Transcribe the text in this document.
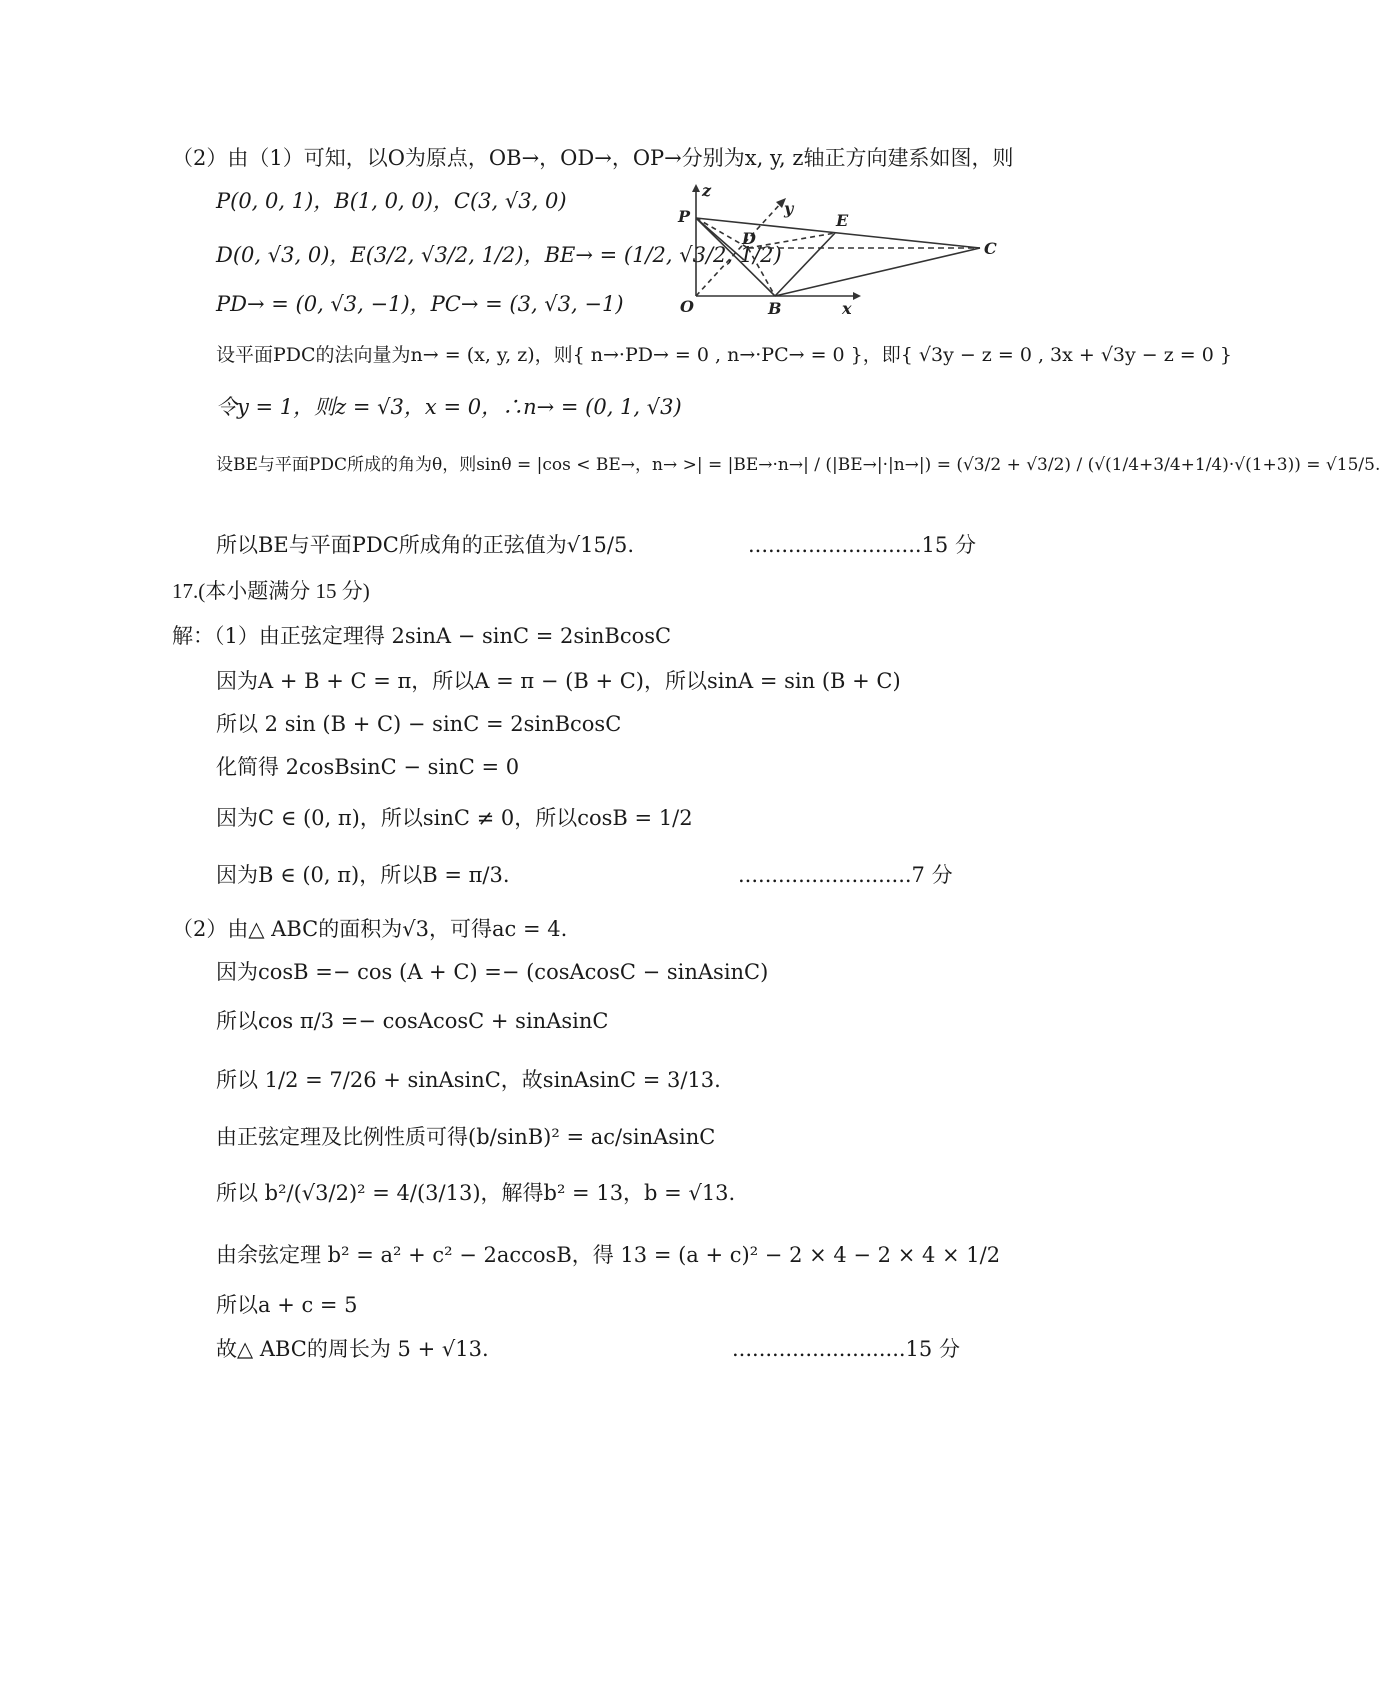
（2）由（1）可知，以O为原点，OB→，OD→，OP→分别为x, y, z轴正方向建系如图，则
P(0, 0, 1)，B(1, 0, 0)，C(3, √3, 0)
D(0, √3, 0)，E(3/2, √3/2, 1/2)，BE→ = (1/2, √3/2, 1/2)
PD→ = (0, √3, −1)，PC→ = (3, √3, −1)
设平面PDC的法向量为n→ = (x, y, z)，则{ n→·PD→ = 0 , n→·PC→ = 0 }，即{ √3y − z = 0 , 3x + √3y − z = 0 }
令y = 1，则z = √3，x = 0，∴n→ = (0, 1, √3)
设BE与平面PDC所成的角为θ，则sinθ = |cos < BE→，n→ >| = |BE→·n→| / (|BE→|·|n→|) = (√3/2 + √3/2) / (√(1/4+3/4+1/4)·√(1+3)) = √15/5.
所以BE与平面PDC所成角的正弦值为√15/5.	..........................15 分
z
y
P
D
E
C
O	B	x
17.(本小题满分 15 分)
解：（1）由正弦定理得 2sinA − sinC = 2sinBcosC
因为A + B + C = π，所以A = π − (B + C)，所以sinA = sin (B + C)
所以 2 sin (B + C) − sinC = 2sinBcosC
化简得 2cosBsinC − sinC = 0
因为C ∈ (0, π)，所以sinC ≠ 0，所以cosB = 1/2
因为B ∈ (0, π)，所以B = π/3.	..........................7 分
（2）由△ ABC的面积为√3，可得ac = 4.
因为cosB =− cos (A + C) =− (cosAcosC − sinAsinC)
所以cos π/3 =− cosAcosC + sinAsinC
所以 1/2 = 7/26 + sinAsinC，故sinAsinC = 3/13.
由正弦定理及比例性质可得(b/sinB)² = ac/sinAsinC
所以 b²/(√3/2)² = 4/(3/13)，解得b² = 13，b = √13.
由余弦定理 b² = a² + c² − 2accosB，得 13 = (a + c)² − 2 × 4 − 2 × 4 × 1/2
所以a + c = 5
故△ ABC的周长为 5 + √13.	..........................15 分
